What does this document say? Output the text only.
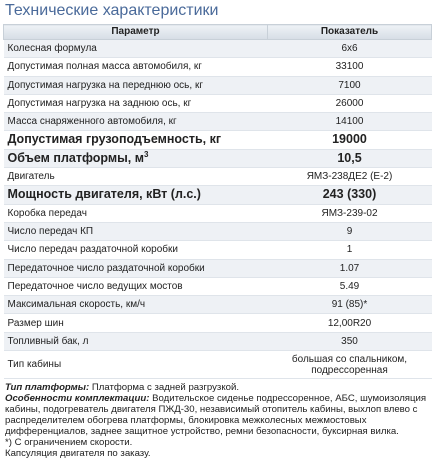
Технические характеристики
Параметр	Показатель
Колесная формула	6х6
Допустимая полная масса автомобиля, кг	33100
Допустимая нагрузка на переднюю ось, кг	7100
Допустимая нагрузка на заднюю ось, кг	26000
Масса снаряженного автомобиля, кг	14100
Допустимая грузоподъемность, кг	19000
Объем платформы, $м^3$	10,5
Двигатель	ЯМЗ-238ДЕ2 (Е-2)
Мощность двигателя, кВт (л.с.)	243 (330)
Коробка передач	ЯМЗ-239-02
Число передач КП	9
Число передач раздаточной коробки	1
Передаточное число раздаточной коробки	1.07
Передаточное число ведущих мостов	5.49
Максимальная скорость, км/ч	91 (85)*
Размер шин	12,00R20
Топливный бак, л	350
Тип кабины	большая со спальником, подрессоренная

Тип платформы: Платформа с задней разгрузкой.

Особенности комплектации: Водительское сиденье подрессоренное, АБС, шумоизоляция кабины, подогреватель двигателя ПЖД-30, независимый отопитель кабины, выхлоп влево с распределителем обогрева платформы, блокировка межколесных межмостовых дифференциалов, заднее защитное устройство, ремни безопасности, буксирная вилка.

*) С ограничением скорости.

Капсуляция двигателя по заказу.
